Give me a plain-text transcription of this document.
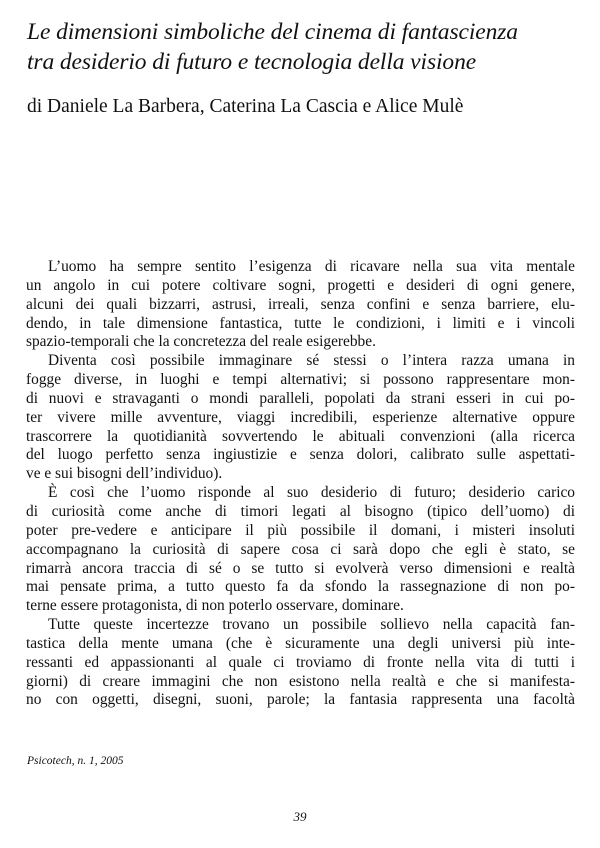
Le dimensioni simboliche del cinema di fantascienza
tra desiderio di futuro e tecnologia della visione
di Daniele La Barbera, Caterina La Cascia e Alice Mulè
L’uomo ha sempre sentito l’esigenza di ricavare nella sua vita mentale
un angolo in cui potere coltivare sogni, progetti e desideri di ogni genere,
alcuni dei quali bizzarri, astrusi, irreali, senza confini e senza barriere, elu-
dendo, in tale dimensione fantastica, tutte le condizioni, i limiti e i vincoli
spazio-temporali che la concretezza del reale esigerebbe.
Diventa così possibile immaginare sé stessi o l’intera razza umana in
fogge diverse, in luoghi e tempi alternativi; si possono rappresentare mon-
di nuovi e stravaganti o mondi paralleli, popolati da strani esseri in cui po-
ter vivere mille avventure, viaggi incredibili, esperienze alternative oppure
trascorrere la quotidianità sovvertendo le abituali convenzioni (alla ricerca
del luogo perfetto senza ingiustizie e senza dolori, calibrato sulle aspettati-
ve e sui bisogni dell’individuo).
È così che l’uomo risponde al suo desiderio di futuro; desiderio carico
di curiosità come anche di timori legati al bisogno (tipico dell’uomo) di
poter pre-vedere e anticipare il più possibile il domani, i misteri insoluti
accompagnano la curiosità di sapere cosa ci sarà dopo che egli è stato, se
rimarrà ancora traccia di sé o se tutto si evolverà verso dimensioni e realtà
mai pensate prima, a tutto questo fa da sfondo la rassegnazione di non po-
terne essere protagonista, di non poterlo osservare, dominare.
Tutte queste incertezze trovano un possibile sollievo nella capacità fan-
tastica della mente umana (che è sicuramente una degli universi più inte-
ressanti ed appassionanti al quale ci troviamo di fronte nella vita di tutti i
giorni) di creare immagini che non esistono nella realtà e che si manifesta-
no con oggetti, disegni, suoni, parole; la fantasia rappresenta una facoltà
Psicotech, n. 1, 2005
39
